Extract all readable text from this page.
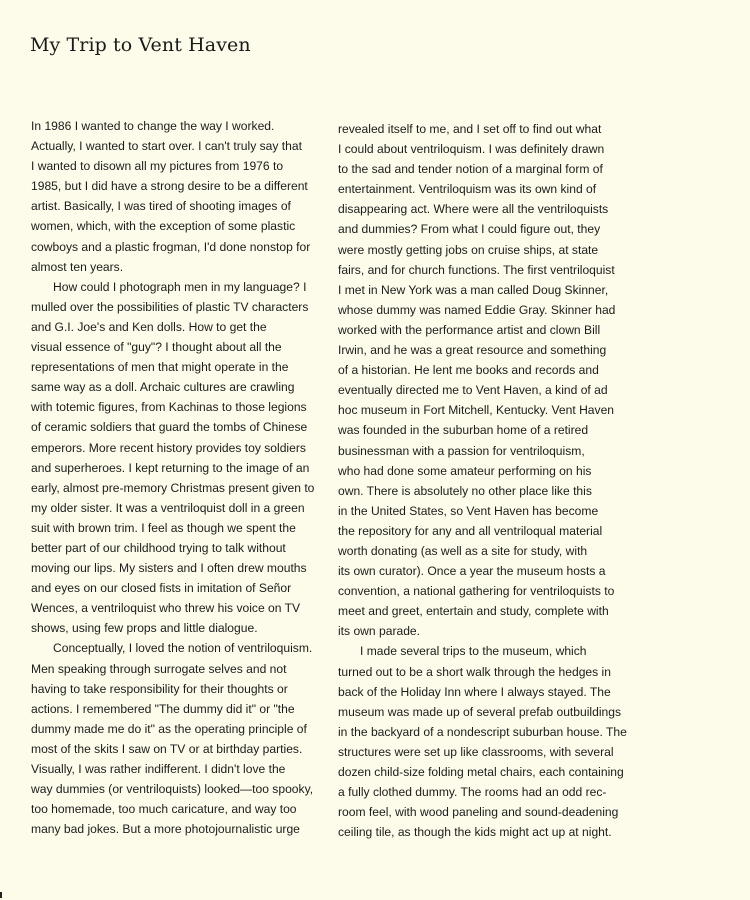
My Trip to Vent Haven
In 1986 I wanted to change the way I worked.
Actually, I wanted to start over. I can't truly say that
I wanted to disown all my pictures from 1976 to
1985, but I did have a strong desire to be a different
artist. Basically, I was tired of shooting images of
women, which, with the exception of some plastic
cowboys and a plastic frogman, I'd done nonstop for
almost ten years.
How could I photograph men in my language? I
mulled over the possibilities of plastic TV characters
and G.I. Joe's and Ken dolls. How to get the
visual essence of "guy"? I thought about all the
representations of men that might operate in the
same way as a doll. Archaic cultures are crawling
with totemic figures, from Kachinas to those legions
of ceramic soldiers that guard the tombs of Chinese
emperors. More recent history provides toy soldiers
and superheroes. I kept returning to the image of an
early, almost pre-memory Christmas present given to
my older sister. It was a ventriloquist doll in a green
suit with brown trim. I feel as though we spent the
better part of our childhood trying to talk without
moving our lips. My sisters and I often drew mouths
and eyes on our closed fists in imitation of Señor
Wences, a ventriloquist who threw his voice on TV
shows, using few props and little dialogue.
Conceptually, I loved the notion of ventriloquism.
Men speaking through surrogate selves and not
having to take responsibility for their thoughts or
actions. I remembered "The dummy did it" or "the
dummy made me do it" as the operating principle of
most of the skits I saw on TV or at birthday parties.
Visually, I was rather indifferent. I didn't love the
way dummies (or ventriloquists) looked—too spooky,
too homemade, too much caricature, and way too
many bad jokes. But a more photojournalistic urge
revealed itself to me, and I set off to find out what
I could about ventriloquism. I was definitely drawn
to the sad and tender notion of a marginal form of
entertainment. Ventriloquism was its own kind of
disappearing act. Where were all the ventriloquists
and dummies? From what I could figure out, they
were mostly getting jobs on cruise ships, at state
fairs, and for church functions. The first ventriloquist
I met in New York was a man called Doug Skinner,
whose dummy was named Eddie Gray. Skinner had
worked with the performance artist and clown Bill
Irwin, and he was a great resource and something
of a historian. He lent me books and records and
eventually directed me to Vent Haven, a kind of ad
hoc museum in Fort Mitchell, Kentucky. Vent Haven
was founded in the suburban home of a retired
businessman with a passion for ventriloquism,
who had done some amateur performing on his
own. There is absolutely no other place like this
in the United States, so Vent Haven has become
the repository for any and all ventriloqual material
worth donating (as well as a site for study, with
its own curator). Once a year the museum hosts a
convention, a national gathering for ventriloquists to
meet and greet, entertain and study, complete with
its own parade.
I made several trips to the museum, which
turned out to be a short walk through the hedges in
back of the Holiday Inn where I always stayed. The
museum was made up of several prefab outbuildings
in the backyard of a nondescript suburban house. The
structures were set up like classrooms, with several
dozen child-size folding metal chairs, each containing
a fully clothed dummy. The rooms had an odd rec-
room feel, with wood paneling and sound-deadening
ceiling tile, as though the kids might act up at night.
